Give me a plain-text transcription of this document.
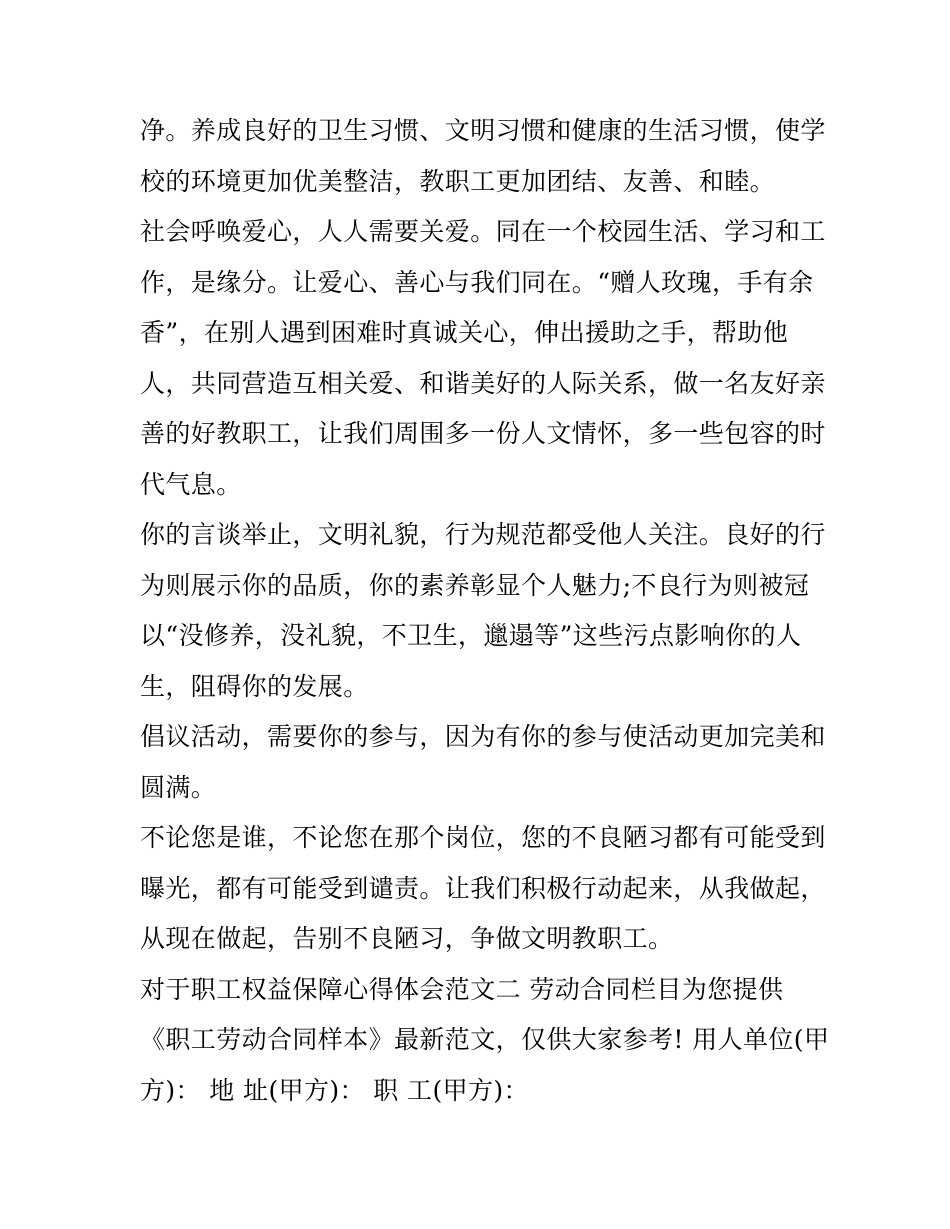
净。养成良好的卫生习惯、文明习惯和健康的生活习惯，使学
校的环境更加优美整洁，教职工更加团结、友善、和睦。
社会呼唤爱心，人人需要关爱。同在一个校园生活、学习和工
作，是缘分。让爱心、善心与我们同在。“赠人玫瑰，手有余
香”，在别人遇到困难时真诚关心，伸出援助之手，帮助他
人，共同营造互相关爱、和谐美好的人际关系，做一名友好亲
善的好教职工，让我们周围多一份人文情怀，多一些包容的时
代气息。
你的言谈举止，文明礼貌，行为规范都受他人关注。良好的行
为则展示你的品质，你的素养彰显个人魅力;不良行为则被冠
以“没修养，没礼貌，不卫生，邋遢等”这些污点影响你的人
生，阻碍你的发展。
倡议活动，需要你的参与，因为有你的参与使活动更加完美和
圆满。
不论您是谁，不论您在那个岗位，您的不良陋习都有可能受到
曝光，都有可能受到谴责。让我们积极行动起来，从我做起，
从现在做起，告别不良陋习，争做文明教职工。
对于职工权益保障心得体会范文二 劳动合同栏目为您提供
《职工劳动合同样本》最新范文，仅供大家参考! 用人单位(甲
方)： 地 址(甲方)： 职 工(甲方)：
